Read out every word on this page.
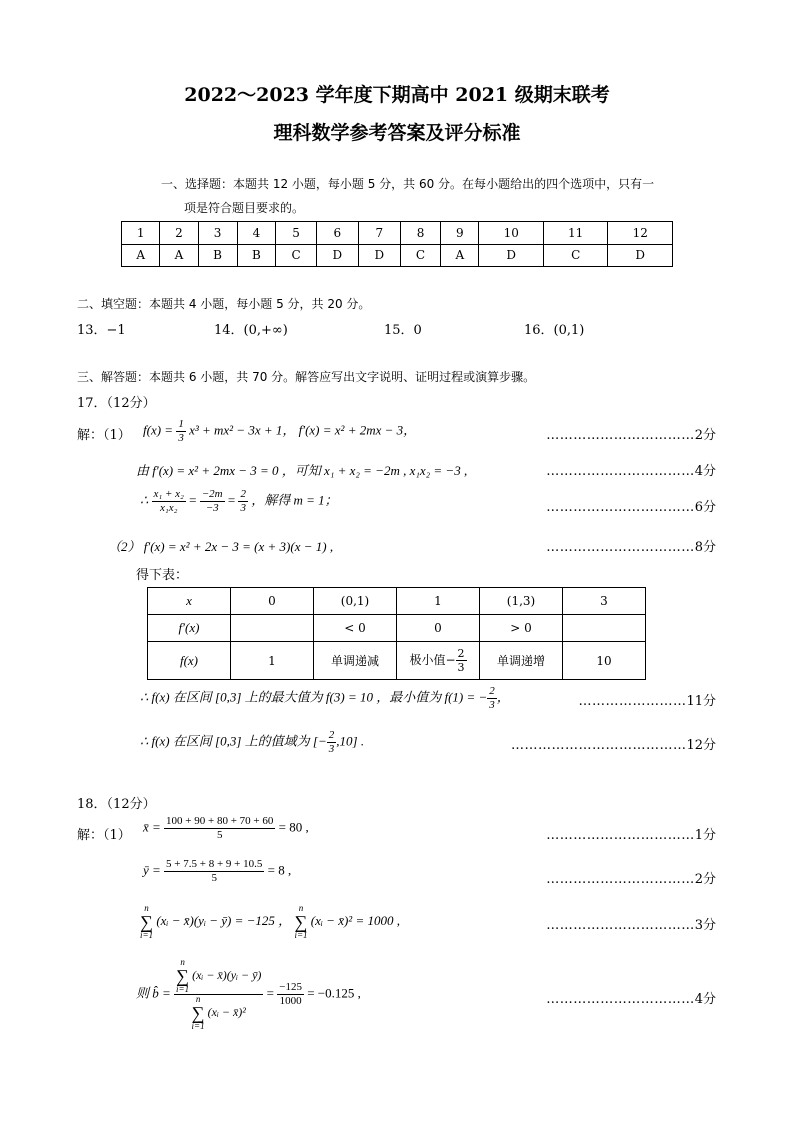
2022～2023 学年度下期高中 2021 级期末联考
理科数学参考答案及评分标准
一、选择题：本题共 12 小题，每小题 5 分，共 60 分。在每小题给出的四个选项中，只有一
项是符合题目要求的。
1	2	3	4	5	6	7	8	9	10	11	12
A	A	B	B	C	D	D	C	A	D	C	D
二、填空题：本题共 4 小题，每小题 5 分，共 20 分。
13．−1	14．(0,+∞)	15．0	16．(0,1)
三、解答题：本题共 6 小题，共 70 分。解答应写出文字说明、证明过程或演算步骤。
17．（12分）
解：（1） $f(x) = \frac{1}{3} x^3 + mx^2 - 3x + 1$， f′(x) = x² + 2mx − 3，	……………………………2分
由 f′(x) = x² + 2mx − 3 = 0 ，可知 x₁ + x₂ = −2m , x₁x₂ = −3 ,	……………………………4分
∴ $\frac{\text{x₁ + x₂}}{\text{x₁x₂}} = \frac{-2m}{-3} = \frac{2}{3}$ ，解得 m = 1；
……………………………6分
（2） f′(x) = x² + 2x − 3 = (x + 3)(x − 1) ,	……………………………8分
得下表：
x	0	(0,1)	1	(1,3)	3
f′(x)		< 0	0	> 0	
f(x)	1	单调递减	极小值− $\frac{2}{3}$	单调递增	10
∴ f(x) 在区间 [0,3] 上的最大值为 f(3) = 10 ，最小值为 f(1) = − $\frac{2}{3}$ ，	……………………11分
∴ f(x) 在区间 [0,3] 上的值域为 [− $\frac{2}{3} ,10$] .	…………………………………12分
18．（12分）
解：（1）
x̄ = $\frac{100 + 90 + 80 + 70 + 60}{5} = 80$ ,
……………………………1分
ȳ = $\frac{5 + 7.5 + 8 + 9 + 10.5}{5} = 8$ ,
……………………………2分
n
∑
i=1 (xᵢ − x̄)(yᵢ − ȳ) = −125 ， n
∑
i=1 (xᵢ − x̄)² = 1000 ,	……………………………3分
则 b̂ = n
∑
i=1 (xᵢ − x̄)(yᵢ − ȳ)
n
∑
i=1 (xᵢ − x̄)² = $\frac{-125}{1000} = -0.125$ ,	……………………………4分
